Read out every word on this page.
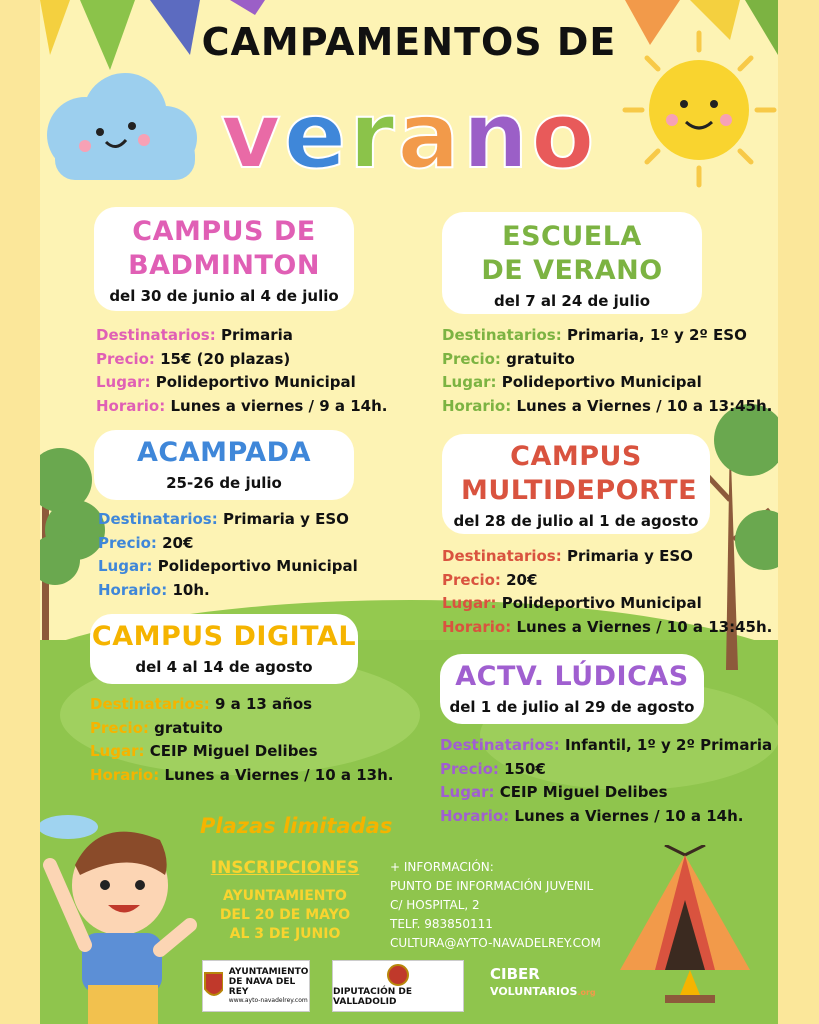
CAMPAMENTOS DE
verano
CAMPUS DE BADMINTON

del 30 de junio al 4 de julio

ESCUELA DE VERANO

del 7 al 24 de julio

ACAMPADA

25-26 de julio

CAMPUS MULTIDEPORTE

del 28 de julio al 1 de agosto

CAMPUS DIGITAL

del 4 al 14 de agosto	ACTV. LÚDICAS

del 1 de julio al 29 de agosto

Destinatarios: Primaria
Precio: 15€ (20 plazas)
Lugar: Polideportivo Municipal
Horario: Lunes a viernes / 9 a 14h.
Destinatarios: Primaria, 1º y 2º ESO
Precio: gratuito
Lugar: Polideportivo Municipal
Horario: Lunes a Viernes / 10 a 13:45h.
Destinatarios: Primaria y ESO
Precio: 20€
Lugar: Polideportivo Municipal
Horario: 10h.
Destinatarios: Primaria y ESO
Precio: 20€
Lugar: Polideportivo Municipal
Horario: Lunes a Viernes / 10 a 13:45h.
Destinatarios: 9 a 13 años
Precio: gratuito
Lugar: CEIP Miguel Delibes
Horario: Lunes a Viernes / 10 a 13h.
Destinatarios: Infantil, 1º y 2º Primaria
Precio: 150€
Lugar: CEIP Miguel Delibes
Horario: Lunes a Viernes / 10 a 14h.
Plazas limitadas
INSCRIPCIONES
AYUNTAMIENTO
DEL 20 DE MAYO
AL 3 DE JUNIO
+ INFORMACIÓN:
PUNTO DE INFORMACIÓN JUVENIL
C/ HOSPITAL, 2
TELF. 983850111
CULTURA@AYTO-NAVADELREY.COM
AYUNTAMIENTO
DE NAVA DEL REY
www.ayto-navadelrey.com
DIPUTACIÓN DE VALLADOLID
CIBER
VOLUNTARIOS.org
